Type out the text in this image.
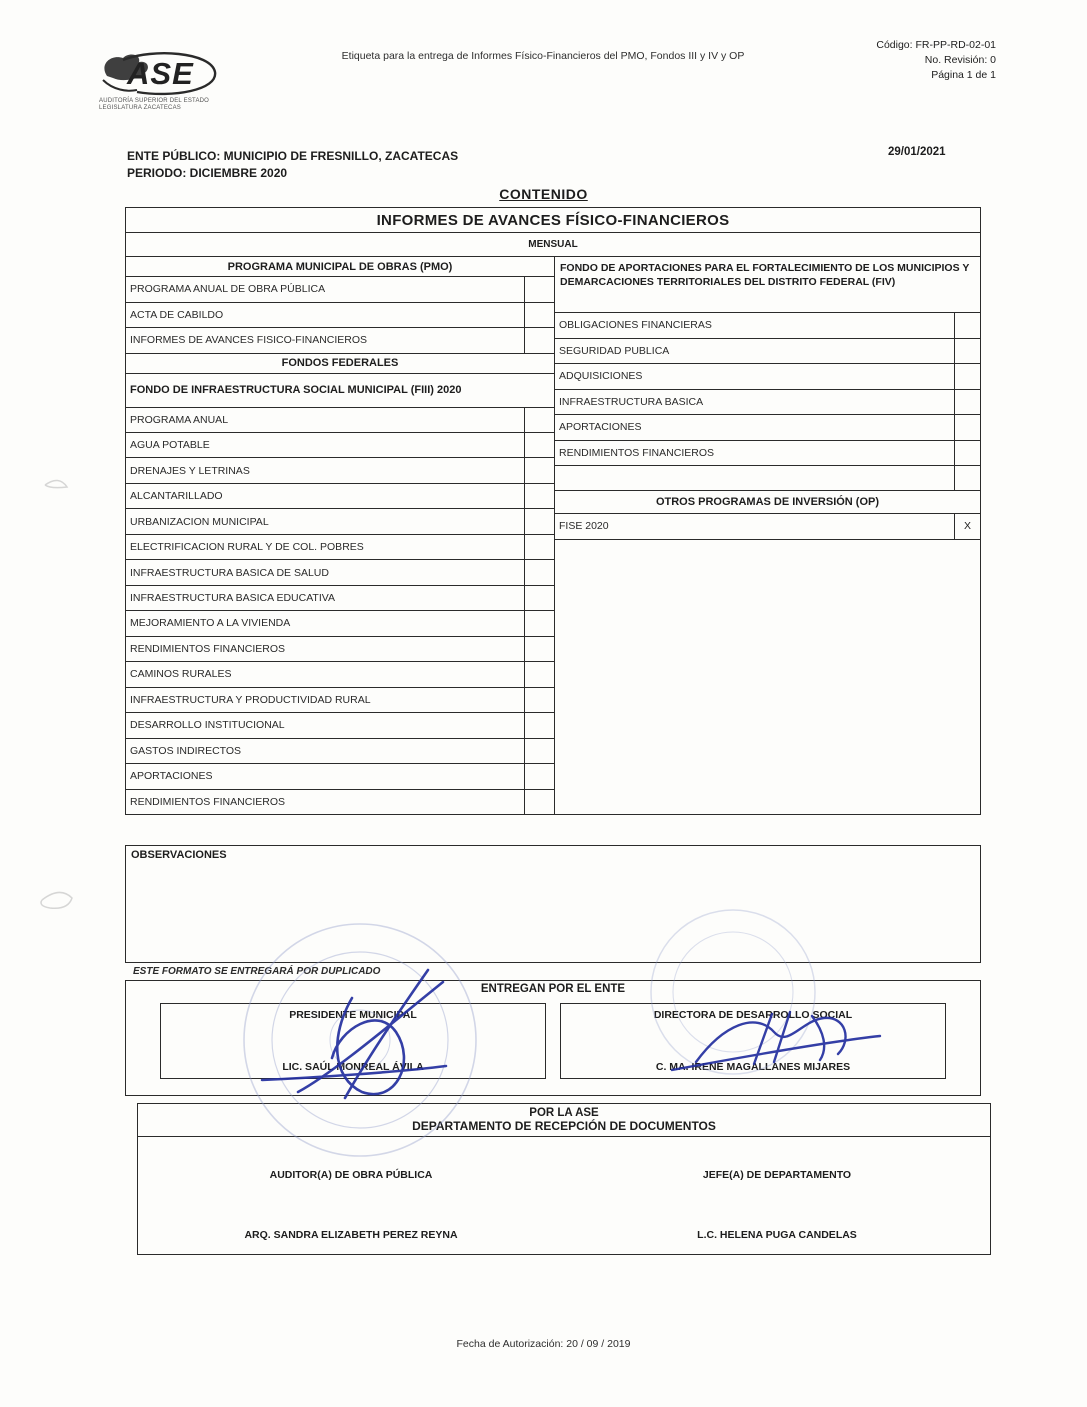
ASE
AUDITORÍA SUPERIOR DEL ESTADO
LEGISLATURA ZACATECAS
Etiqueta para la entrega de Informes Físico-Financieros del PMO, Fondos III y IV y OP
Código: FR-PP-RD-02-01
No. Revisión: 0
Página 1 de 1
ENTE PÚBLICO: MUNICIPIO DE FRESNILLO, ZACATECAS
PERIODO: DICIEMBRE 2020
29/01/2021
CONTENIDO
INFORMES DE AVANCES FÍSICO-FINANCIEROS
MENSUAL
PROGRAMA MUNICIPAL DE OBRAS (PMO)
PROGRAMA ANUAL DE OBRA PÚBLICA
ACTA DE CABILDO
INFORMES DE AVANCES FISICO-FINANCIEROS
FONDOS FEDERALES
FONDO DE INFRAESTRUCTURA SOCIAL MUNICIPAL (FIII) 2020
PROGRAMA ANUAL
AGUA POTABLE
DRENAJES Y LETRINAS
ALCANTARILLADO
URBANIZACION MUNICIPAL
ELECTRIFICACION RURAL Y DE COL. POBRES
INFRAESTRUCTURA BASICA DE SALUD
INFRAESTRUCTURA BASICA EDUCATIVA
MEJORAMIENTO A LA VIVIENDA
RENDIMIENTOS FINANCIEROS
CAMINOS RURALES
INFRAESTRUCTURA Y PRODUCTIVIDAD RURAL
DESARROLLO INSTITUCIONAL
GASTOS INDIRECTOS
APORTACIONES
RENDIMIENTOS FINANCIEROS
FONDO DE APORTACIONES PARA EL FORTALECIMIENTO DE LOS MUNICIPIOS Y DEMARCACIONES TERRITORIALES DEL DISTRITO FEDERAL (FIV)
OBLIGACIONES FINANCIERAS
SEGURIDAD PUBLICA
ADQUISICIONES
INFRAESTRUCTURA BASICA
APORTACIONES
RENDIMIENTOS FINANCIEROS
OTROS PROGRAMAS DE INVERSIÓN (OP)
FISE 2020	X
OBSERVACIONES
ESTE FORMATO SE ENTREGARÁ POR DUPLICADO
ENTREGAN POR EL ENTE
PRESIDENTE MUNICIPAL
LIC. SAÚL MONREAL ÁVILA
DIRECTORA DE DESARROLLO SOCIAL
C. MA. IRENE MAGALLANES MIJARES
POR LA ASE
DEPARTAMENTO DE RECEPCIÓN DE DOCUMENTOS
AUDITOR(A) DE OBRA PÚBLICA
ARQ. SANDRA ELIZABETH PEREZ REYNA
JEFE(A) DE DEPARTAMENTO
L.C. HELENA PUGA CANDELAS
Fecha de Autorización: 20 / 09 / 2019
